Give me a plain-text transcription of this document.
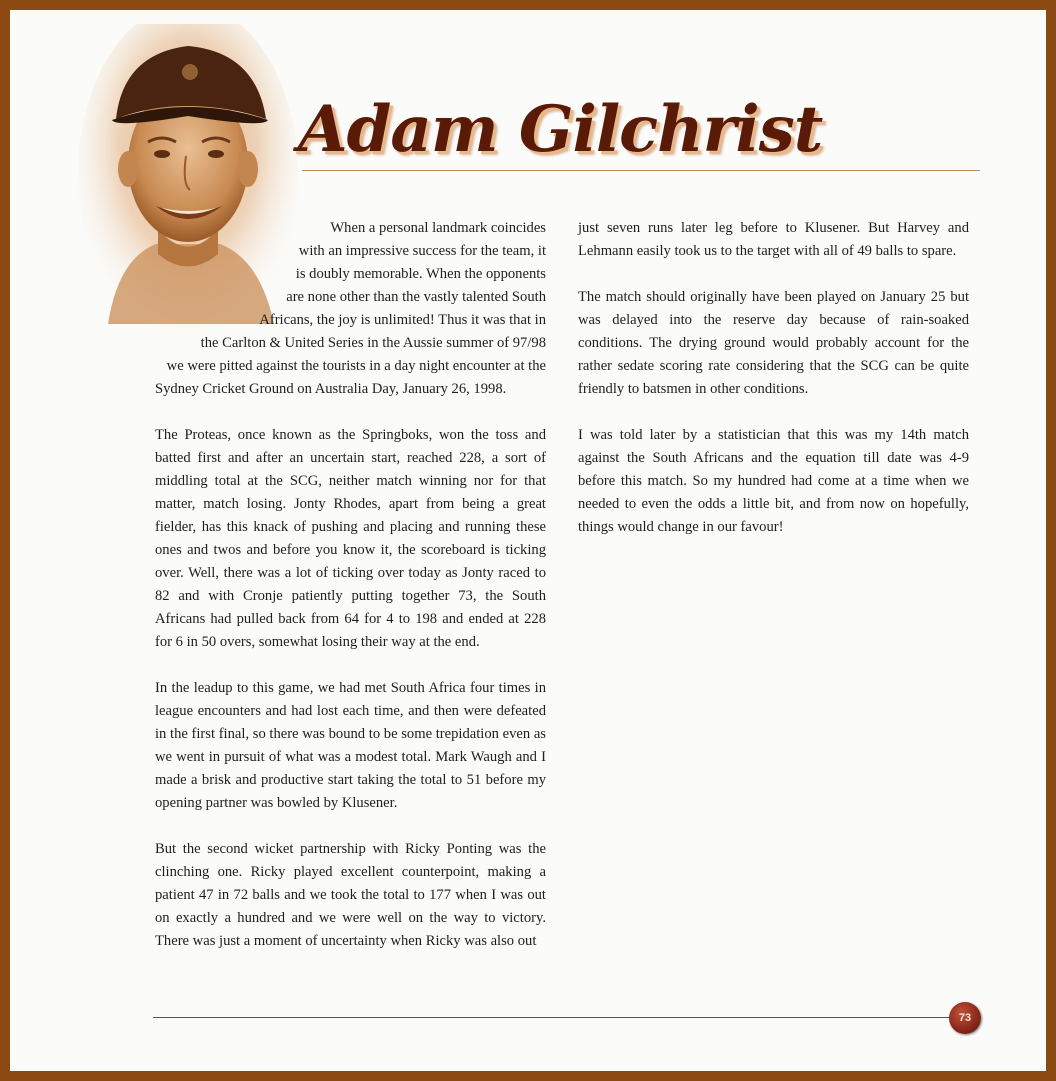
Adam Gilchrist
When a personal landmark coincides
with an impressive success for the team, it
is doubly memorable. When the opponents
are none other than the vastly talented South
Africans, the joy is unlimited! Thus it was that in
the Carlton & United Series in the Aussie summer of 97/98
we were pitted against the tourists in a day night encounter at the
Sydney Cricket Ground on Australia Day, January 26, 1998.

The Proteas, once known as the Springboks, won the toss and batted first and after an uncertain start, reached 228, a sort of middling total at the SCG, neither match winning nor for that matter, match losing. Jonty Rhodes, apart from being a great fielder, has this knack of pushing and placing and running these ones and twos and before you know it, the scoreboard is ticking over. Well, there was a lot of ticking over today as Jonty raced to 82 and with Cronje patiently putting together 73, the South Africans had pulled back from 64 for 4 to 198 and ended at 228 for 6 in 50 overs, somewhat losing their way at the end.

In the leadup to this game, we had met South Africa four times in league encounters and had lost each time, and then were defeated in the first final, so there was bound to be some trepidation even as we went in pursuit of what was a modest total. Mark Waugh and I made a brisk and productive start taking the total to 51 before my opening partner was bowled by Klusener.

But the second wicket partnership with Ricky Ponting was the clinching one. Ricky played excellent counterpoint, making a patient 47 in 72 balls and we took the total to 177 when I was out on exactly a hundred and we were well on the way to victory. There was just a moment of uncertainty when Ricky was also out

just seven runs later leg before to Klusener. But Harvey and Lehmann easily took us to the target with all of 49 balls to spare.

The match should originally have been played on January 25 but was delayed into the reserve day because of rain-soaked conditions. The drying ground would probably account for the rather sedate scoring rate considering that the SCG can be quite friendly to batsmen in other conditions.

I was told later by a statistician that this was my 14th match against the South Africans and the equation till date was 4-9 before this match. So my hundred had come at a time when we needed to even the odds a little bit, and from now on hopefully, things would change in our favour!

73
